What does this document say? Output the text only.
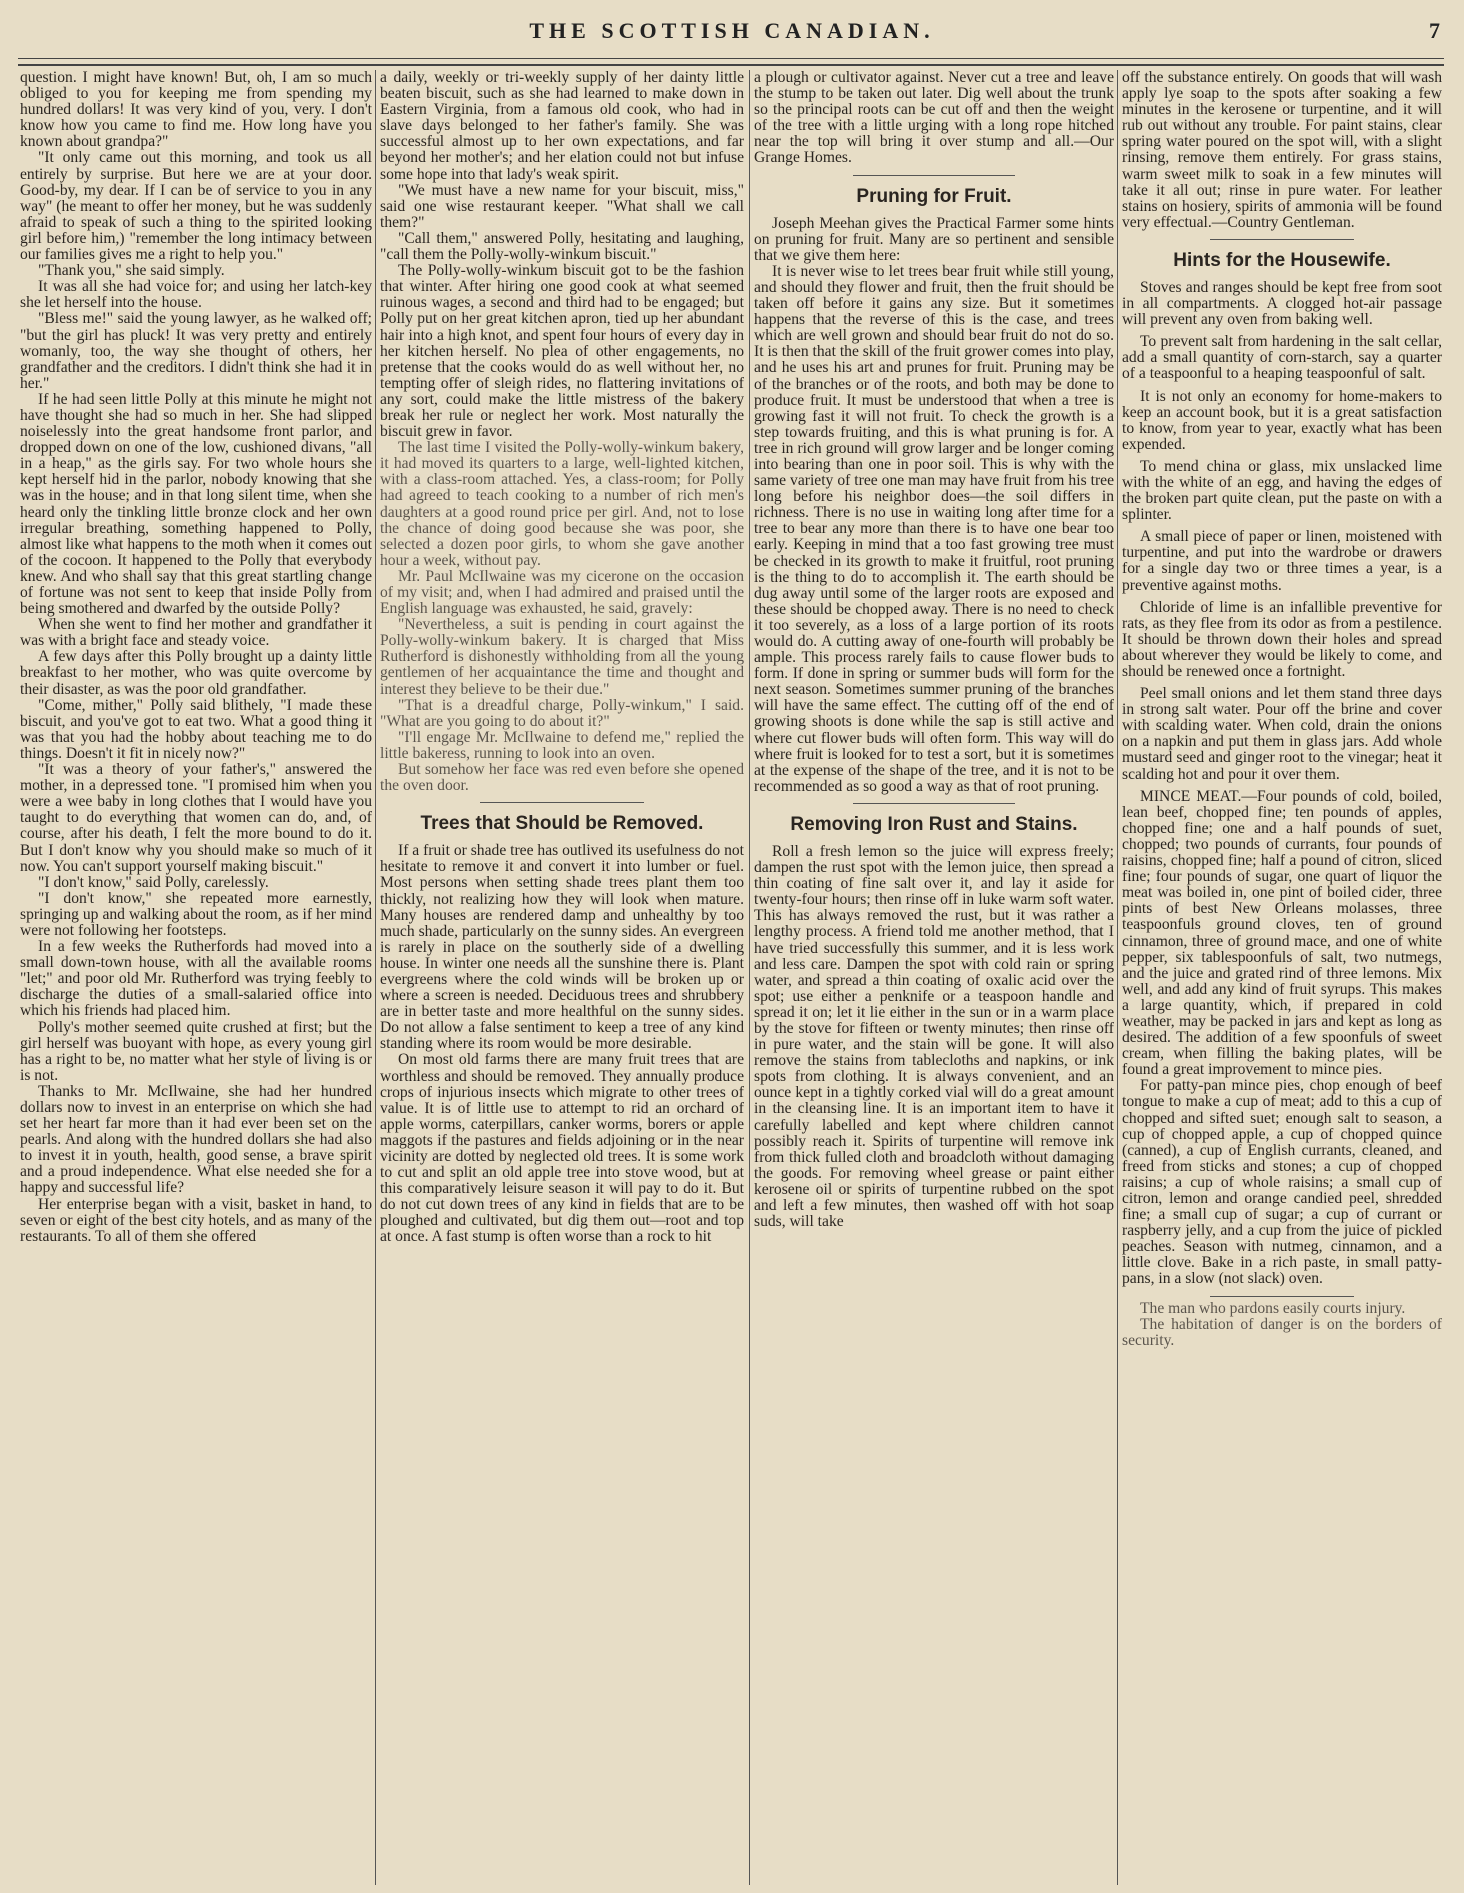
THE SCOTTISH CANADIAN.	7

question. I might have known! But, oh, I am so much obliged to you for keeping me from spending my hundred dollars! It was very kind of you, very. I don't know how you came to find me. How long have you known about grandpa?"

"It only came out this morning, and took us all entirely by surprise. But here we are at your door. Good-by, my dear. If I can be of service to you in any way" (he meant to offer her money, but he was suddenly afraid to speak of such a thing to the spirited looking girl before him,) "remember the long intimacy between our families gives me a right to help you."

"Thank you," she said simply.

It was all she had voice for; and using her latch-key she let herself into the house.

"Bless me!" said the young lawyer, as he walked off; "but the girl has pluck! It was very pretty and entirely womanly, too, the way she thought of others, her grandfather and the creditors. I didn't think she had it in her."

If he had seen little Polly at this minute he might not have thought she had so much in her. She had slipped noiselessly into the great handsome front parlor, and dropped down on one of the low, cushioned divans, "all in a heap," as the girls say. For two whole hours she kept herself hid in the parlor, nobody knowing that she was in the house; and in that long silent time, when she heard only the tinkling little bronze clock and her own irregular breathing, something happened to Polly, almost like what happens to the moth when it comes out of the cocoon. It happened to the Polly that everybody knew. And who shall say that this great startling change of fortune was not sent to keep that inside Polly from being smothered and dwarfed by the outside Polly?

When she went to find her mother and grandfather it was with a bright face and steady voice.

A few days after this Polly brought up a dainty little breakfast to her mother, who was quite overcome by their disaster, as was the poor old grandfather.

"Come, mither," Polly said blithely, "I made these biscuit, and you've got to eat two. What a good thing it was that you had the hobby about teaching me to do things. Doesn't it fit in nicely now?"

"It was a theory of your father's," answered the mother, in a depressed tone. "I promised him when you were a wee baby in long clothes that I would have you taught to do everything that women can do, and, of course, after his death, I felt the more bound to do it. But I don't know why you should make so much of it now. You can't support yourself making biscuit."

"I don't know," said Polly, carelessly.

"I don't know," she repeated more earnestly, springing up and walking about the room, as if her mind were not following her footsteps.

In a few weeks the Rutherfords had moved into a small down-town house, with all the available rooms "let;" and poor old Mr. Rutherford was trying feebly to discharge the duties of a small-salaried office into which his friends had placed him.

Polly's mother seemed quite crushed at first; but the girl herself was buoyant with hope, as every young girl has a right to be, no matter what her style of living is or is not.

Thanks to Mr. McIlwaine, she had her hundred dollars now to invest in an enterprise on which she had set her heart far more than it had ever been set on the pearls. And along with the hundred dollars she had also to invest it in youth, health, good sense, a brave spirit and a proud independence. What else needed she for a happy and successful life?

Her enterprise began with a visit, basket in hand, to seven or eight of the best city hotels, and as many of the restaurants. To all of them she offered

a daily, weekly or tri-weekly supply of her dainty little beaten biscuit, such as she had learned to make down in Eastern Virginia, from a famous old cook, who had in slave days belonged to her father's family. She was successful almost up to her own expectations, and far beyond her mother's; and her elation could not but infuse some hope into that lady's weak spirit.

"We must have a new name for your biscuit, miss," said one wise restaurant keeper. "What shall we call them?"

"Call them," answered Polly, hesitating and laughing, "call them the Polly-wolly-winkum biscuit."

The Polly-wolly-winkum biscuit got to be the fashion that winter. After hiring one good cook at what seemed ruinous wages, a second and third had to be engaged; but Polly put on her great kitchen apron, tied up her abundant hair into a high knot, and spent four hours of every day in her kitchen herself. No plea of other engagements, no pretense that the cooks would do as well without her, no tempting offer of sleigh rides, no flattering invitations of any sort, could make the little mistress of the bakery break her rule or neglect her work. Most naturally the biscuit grew in favor.

The last time I visited the Polly-wolly-winkum bakery, it had moved its quarters to a large, well-lighted kitchen, with a class-room attached. Yes, a class-room; for Polly had agreed to teach cooking to a number of rich men's daughters at a good round price per girl. And, not to lose the chance of doing good because she was poor, she selected a dozen poor girls, to whom she gave another hour a week, without pay.

Mr. Paul McIlwaine was my cicerone on the occasion of my visit; and, when I had admired and praised until the English language was exhausted, he said, gravely:

"Nevertheless, a suit is pending in court against the Polly-wolly-winkum bakery. It is charged that Miss Rutherford is dishonestly withholding from all the young gentlemen of her acquaintance the time and thought and interest they believe to be their due."

"That is a dreadful charge, Polly-winkum," I said. "What are you going to do about it?"

"I'll engage Mr. McIlwaine to defend me," replied the little bakeress, running to look into an oven.

But somehow her face was red even before she opened the oven door.

Trees that Should be Removed.

If a fruit or shade tree has outlived its usefulness do not hesitate to remove it and convert it into lumber or fuel. Most persons when setting shade trees plant them too thickly, not realizing how they will look when mature. Many houses are rendered damp and unhealthy by too much shade, particularly on the sunny sides. An evergreen is rarely in place on the southerly side of a dwelling house. In winter one needs all the sunshine there is. Plant evergreens where the cold winds will be broken up or where a screen is needed. Deciduous trees and shrubbery are in better taste and more healthful on the sunny sides. Do not allow a false sentiment to keep a tree of any kind standing where its room would be more desirable.

On most old farms there are many fruit trees that are worthless and should be removed. They annually produce crops of injurious insects which migrate to other trees of value. It is of little use to attempt to rid an orchard of apple worms, caterpillars, canker worms, borers or apple maggots if the pastures and fields adjoining or in the near vicinity are dotted by neglected old trees. It is some work to cut and split an old apple tree into stove wood, but at this comparatively leisure season it will pay to do it. But do not cut down trees of any kind in fields that are to be ploughed and cultivated, but dig them out—root and top at once. A fast stump is often worse than a rock to hit

a plough or cultivator against. Never cut a tree and leave the stump to be taken out later. Dig well about the trunk so the principal roots can be cut off and then the weight of the tree with a little urging with a long rope hitched near the top will bring it over stump and all.—Our Grange Homes.

Pruning for Fruit.

Joseph Meehan gives the Practical Farmer some hints on pruning for fruit. Many are so pertinent and sensible that we give them here:

It is never wise to let trees bear fruit while still young, and should they flower and fruit, then the fruit should be taken off before it gains any size. But it sometimes happens that the reverse of this is the case, and trees which are well grown and should bear fruit do not do so. It is then that the skill of the fruit grower comes into play, and he uses his art and prunes for fruit. Pruning may be of the branches or of the roots, and both may be done to produce fruit. It must be understood that when a tree is growing fast it will not fruit. To check the growth is a step towards fruiting, and this is what pruning is for. A tree in rich ground will grow larger and be longer coming into bearing than one in poor soil. This is why with the same variety of tree one man may have fruit from his tree long before his neighbor does—the soil differs in richness. There is no use in waiting long after time for a tree to bear any more than there is to have one bear too early. Keeping in mind that a too fast growing tree must be checked in its growth to make it fruitful, root pruning is the thing to do to accomplish it. The earth should be dug away until some of the larger roots are exposed and these should be chopped away. There is no need to check it too severely, as a loss of a large portion of its roots would do. A cutting away of one-fourth will probably be ample. This process rarely fails to cause flower buds to form. If done in spring or summer buds will form for the next season. Sometimes summer pruning of the branches will have the same effect. The cutting off of the end of growing shoots is done while the sap is still active and where cut flower buds will often form. This way will do where fruit is looked for to test a sort, but it is sometimes at the expense of the shape of the tree, and it is not to be recommended as so good a way as that of root pruning.

Removing Iron Rust and Stains.

Roll a fresh lemon so the juice will express freely; dampen the rust spot with the lemon juice, then spread a thin coating of fine salt over it, and lay it aside for twenty-four hours; then rinse off in luke warm soft water. This has always removed the rust, but it was rather a lengthy process. A friend told me another method, that I have tried successfully this summer, and it is less work and less care. Dampen the spot with cold rain or spring water, and spread a thin coating of oxalic acid over the spot; use either a penknife or a teaspoon handle and spread it on; let it lie either in the sun or in a warm place by the stove for fifteen or twenty minutes; then rinse off in pure water, and the stain will be gone. It will also remove the stains from tablecloths and napkins, or ink spots from clothing. It is always convenient, and an ounce kept in a tightly corked vial will do a great amount in the cleansing line. It is an important item to have it carefully labelled and kept where children cannot possibly reach it. Spirits of turpentine will remove ink from thick fulled cloth and broadcloth without damaging the goods. For removing wheel grease or paint either kerosene oil or spirits of turpentine rubbed on the spot and left a few minutes, then washed off with hot soap suds, will take

off the substance entirely. On goods that will wash apply lye soap to the spots after soaking a few minutes in the kerosene or turpentine, and it will rub out without any trouble. For paint stains, clear spring water poured on the spot will, with a slight rinsing, remove them entirely. For grass stains, warm sweet milk to soak in a few minutes will take it all out; rinse in pure water. For leather stains on hosiery, spirits of ammonia will be found very effectual.—Country Gentleman.

Hints for the Housewife.

Stoves and ranges should be kept free from soot in all compartments. A clogged hot-air passage will prevent any oven from baking well.

To prevent salt from hardening in the salt cellar, add a small quantity of corn-starch, say a quarter of a teaspoonful to a heaping teaspoonful of salt.

It is not only an economy for home-makers to keep an account book, but it is a great satisfaction to know, from year to year, exactly what has been expended.

To mend china or glass, mix unslacked lime with the white of an egg, and having the edges of the broken part quite clean, put the paste on with a splinter.

A small piece of paper or linen, moistened with turpentine, and put into the wardrobe or drawers for a single day two or three times a year, is a preventive against moths.

Chloride of lime is an infallible preventive for rats, as they flee from its odor as from a pestilence. It should be thrown down their holes and spread about wherever they would be likely to come, and should be renewed once a fortnight.

Peel small onions and let them stand three days in strong salt water. Pour off the brine and cover with scalding water. When cold, drain the onions on a napkin and put them in glass jars. Add whole mustard seed and ginger root to the vinegar; heat it scalding hot and pour it over them.

MINCE MEAT.—Four pounds of cold, boiled, lean beef, chopped fine; ten pounds of apples, chopped fine; one and a half pounds of suet, chopped; two pounds of currants, four pounds of raisins, chopped fine; half a pound of citron, sliced fine; four pounds of sugar, one quart of liquor the meat was boiled in, one pint of boiled cider, three pints of best New Orleans molasses, three teaspoonfuls ground cloves, ten of ground cinnamon, three of ground mace, and one of white pepper, six tablespoonfuls of salt, two nutmegs, and the juice and grated rind of three lemons. Mix well, and add any kind of fruit syrups. This makes a large quantity, which, if prepared in cold weather, may be packed in jars and kept as long as desired. The addition of a few spoonfuls of sweet cream, when filling the baking plates, will be found a great improvement to mince pies.

For patty-pan mince pies, chop enough of beef tongue to make a cup of meat; add to this a cup of chopped and sifted suet; enough salt to season, a cup of chopped apple, a cup of chopped quince (canned), a cup of English currants, cleaned, and freed from sticks and stones; a cup of chopped raisins; a cup of whole raisins; a small cup of citron, lemon and orange candied peel, shredded fine; a small cup of sugar; a cup of currant or raspberry jelly, and a cup from the juice of pickled peaches. Season with nutmeg, cinnamon, and a little clove. Bake in a rich paste, in small patty-pans, in a slow (not slack) oven.

The man who pardons easily courts injury.

The habitation of danger is on the borders of security.
